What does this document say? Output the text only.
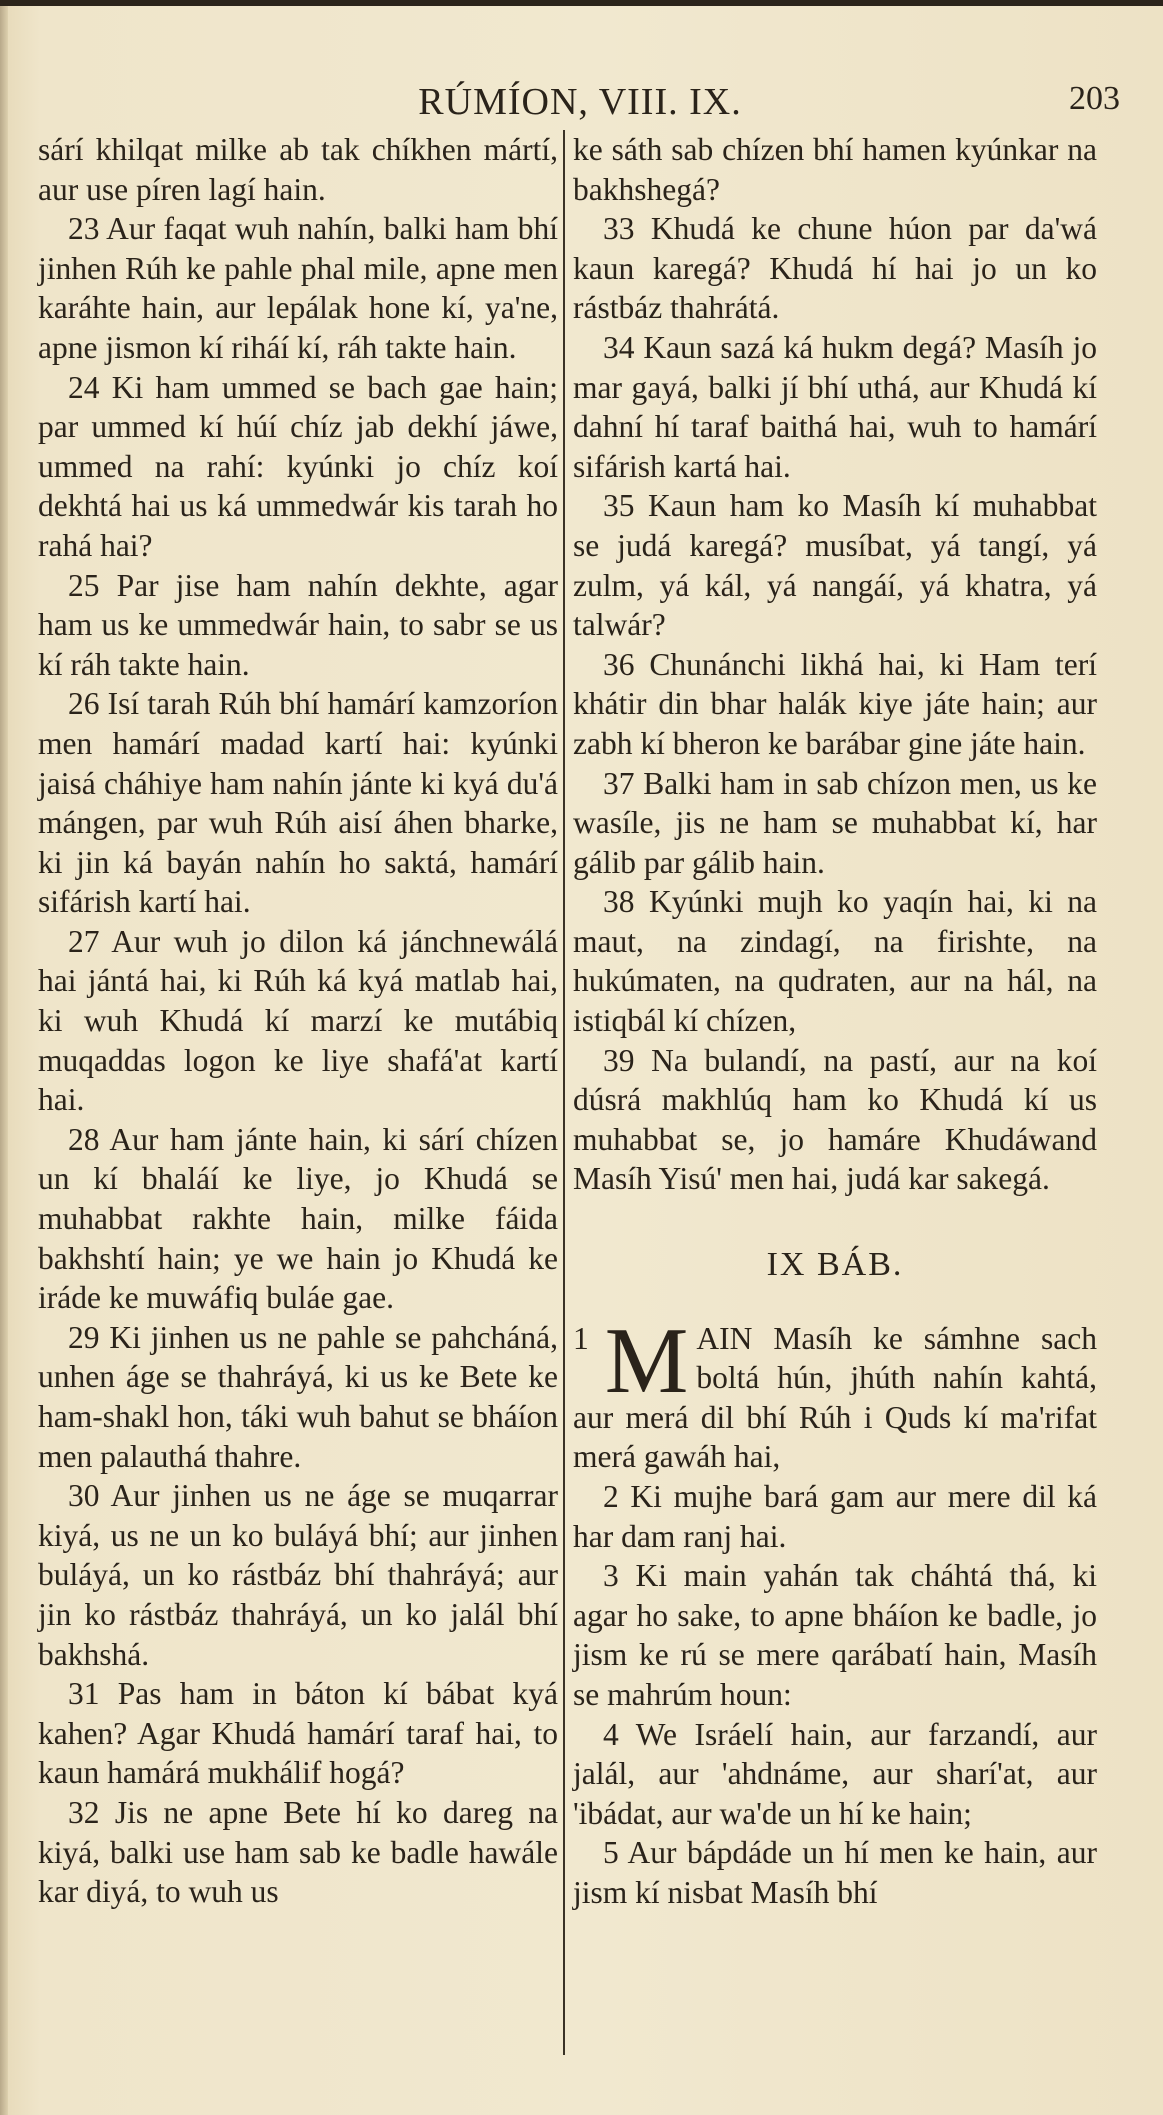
RÚMÍON, VIII. IX.	203

sárí khilqat milke ab tak chíkhen mártí, aur use píren lagí hain.

23 Aur faqat wuh nahín, balki ham bhí jinhen Rúh ke pahle phal mile, apne men karáhte hain, aur lepálak hone kí, ya'ne, apne jismon kí riháí kí, ráh takte hain.

24 Ki ham ummed se bach gae hain; par ummed kí húí chíz jab dekhí jáwe, ummed na rahí: kyúnki jo chíz koí dekhtá hai us ká ummedwár kis tarah ho rahá hai?

25 Par jise ham nahín dekhte, agar ham us ke ummedwár hain, to sabr se us kí ráh takte hain.

26 Isí tarah Rúh bhí hamárí kamzoríon men hamárí madad kartí hai: kyúnki jaisá cháhiye ham nahín jánte ki kyá du'á mángen, par wuh Rúh aisí áhen bharke, ki jin ká bayán nahín ho saktá, hamárí sifárish kartí hai.

27 Aur wuh jo dilon ká jánchnewálá hai jántá hai, ki Rúh ká kyá matlab hai, ki wuh Khudá kí marzí ke mutábiq muqaddas logon ke liye shafá'at kartí hai.

28 Aur ham jánte hain, ki sárí chízen un kí bhaláí ke liye, jo Khudá se muhabbat rakhte hain, milke fáida bakhshtí hain; ye we hain jo Khudá ke iráde ke muwáfiq buláe gae.

29 Ki jinhen us ne pahle se pahcháná, unhen áge se thahráyá, ki us ke Bete ke ham-shakl hon, táki wuh bahut se bháíon men palauthá thahre.

30 Aur jinhen us ne áge se muqarrar kiyá, us ne un ko buláyá bhí; aur jinhen buláyá, un ko rástbáz bhí thahráyá; aur jin ko rástbáz thahráyá, un ko jalál bhí bakhshá.

31 Pas ham in báton kí bábat kyá kahen? Agar Khudá hamárí taraf hai, to kaun hamárá mukhálif hogá?

32 Jis ne apne Bete hí ko dareg na kiyá, balki use ham sab ke badle hawále kar diyá, to wuh us

ke sáth sab chízen bhí hamen kyúnkar na bakhshegá?

33 Khudá ke chune húon par da'wá kaun karegá? Khudá hí hai jo un ko rástbáz thahrátá.

34 Kaun sazá ká hukm degá? Masíh jo mar gayá, balki jí bhí uthá, aur Khudá kí dahní hí taraf baithá hai, wuh to hamárí sifárish kartá hai.

35 Kaun ham ko Masíh kí muhabbat se judá karegá? musíbat, yá tangí, yá zulm, yá kál, yá nangáí, yá khatra, yá talwár?

36 Chunánchi likhá hai, ki Ham terí khátir din bhar halák kiye játe hain; aur zabh kí bheron ke barábar gine játe hain.

37 Balki ham in sab chízon men, us ke wasíle, jis ne ham se muhabbat kí, har gálib par gálib hain.

38 Kyúnki mujh ko yaqín hai, ki na maut, na zindagí, na firishte, na hukúmaten, na qudraten, aur na hál, na istiqbál kí chízen,

39 Na bulandí, na pastí, aur na koí dúsrá makhlúq ham ko Khudá kí us muhabbat se, jo hamáre Khudáwand Masíh Yisú' men hai, judá kar sakegá.

IX BÁB.
1 M AIN Masíh ke sámhne sach boltá hún, jhúth nahín kahtá, aur merá dil bhí Rúh i Quds kí ma'rifat merá gawáh hai,

2 Ki mujhe bará gam aur mere dil ká har dam ranj hai.

3 Ki main yahán tak cháhtá thá, ki agar ho sake, to apne bháíon ke badle, jo jism ke rú se mere qarábatí hain, Masíh se mahrúm houn:

4 We Isráelí hain, aur farzandí, aur jalál, aur 'ahdnáme, aur sharí'at, aur 'ibádat, aur wa'de un hí ke hain;

5 Aur bápdáde un hí men ke hain, aur jism kí nisbat Masíh bhí
